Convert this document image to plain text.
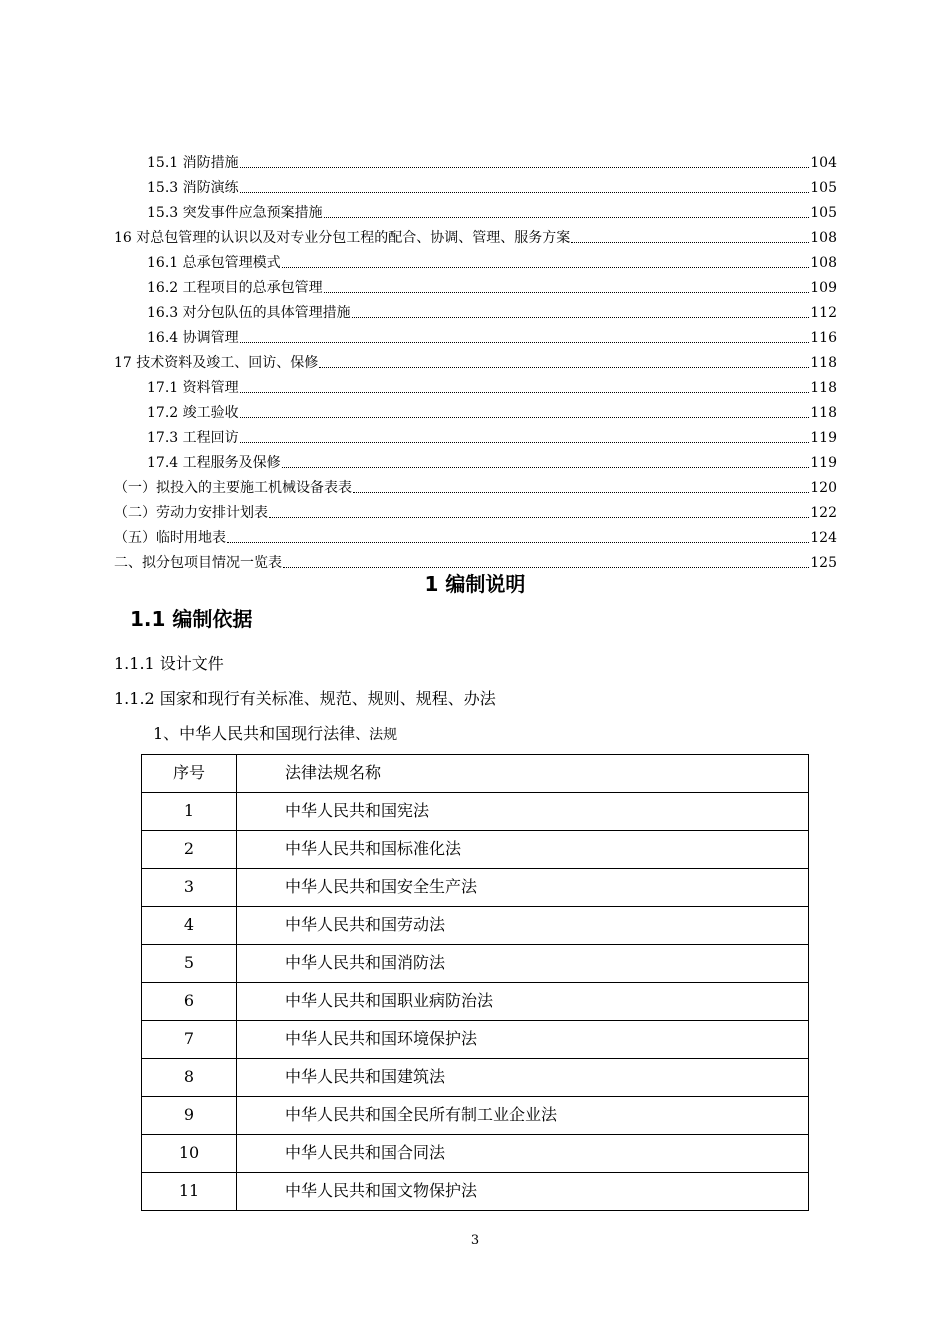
15.1 消防措施	104
15.3 消防演练	105
15.3 突发事件应急预案措施	105
16 对总包管理的认识以及对专业分包工程的配合、协调、管理、服务方案	108
16.1 总承包管理模式	108
16.2 工程项目的总承包管理	109
16.3 对分包队伍的具体管理措施	112
16.4 协调管理	116
17 技术资料及竣工、回访、保修	118
17.1 资料管理	118
17.2 竣工验收	118
17.3 工程回访	119
17.4 工程服务及保修	119
（一）拟投入的主要施工机械设备表表	120
（二）劳动力安排计划表	122
（五）临时用地表	124
二、拟分包项目情况一览表	125
1 编制说明
1.1 编制依据
1.1.1 设计文件
1.1.2 国家和现行有关标准、规范、规则、规程、办法
1、中华人民共和国现行法律、法规
序号	法律法规名称
1	中华人民共和国宪法
2	中华人民共和国标准化法
3	中华人民共和国安全生产法
4	中华人民共和国劳动法
5	中华人民共和国消防法
6	中华人民共和国职业病防治法
7	中华人民共和国环境保护法
8	中华人民共和国建筑法
9	中华人民共和国全民所有制工业企业法
10	中华人民共和国合同法
11	中华人民共和国文物保护法
3
